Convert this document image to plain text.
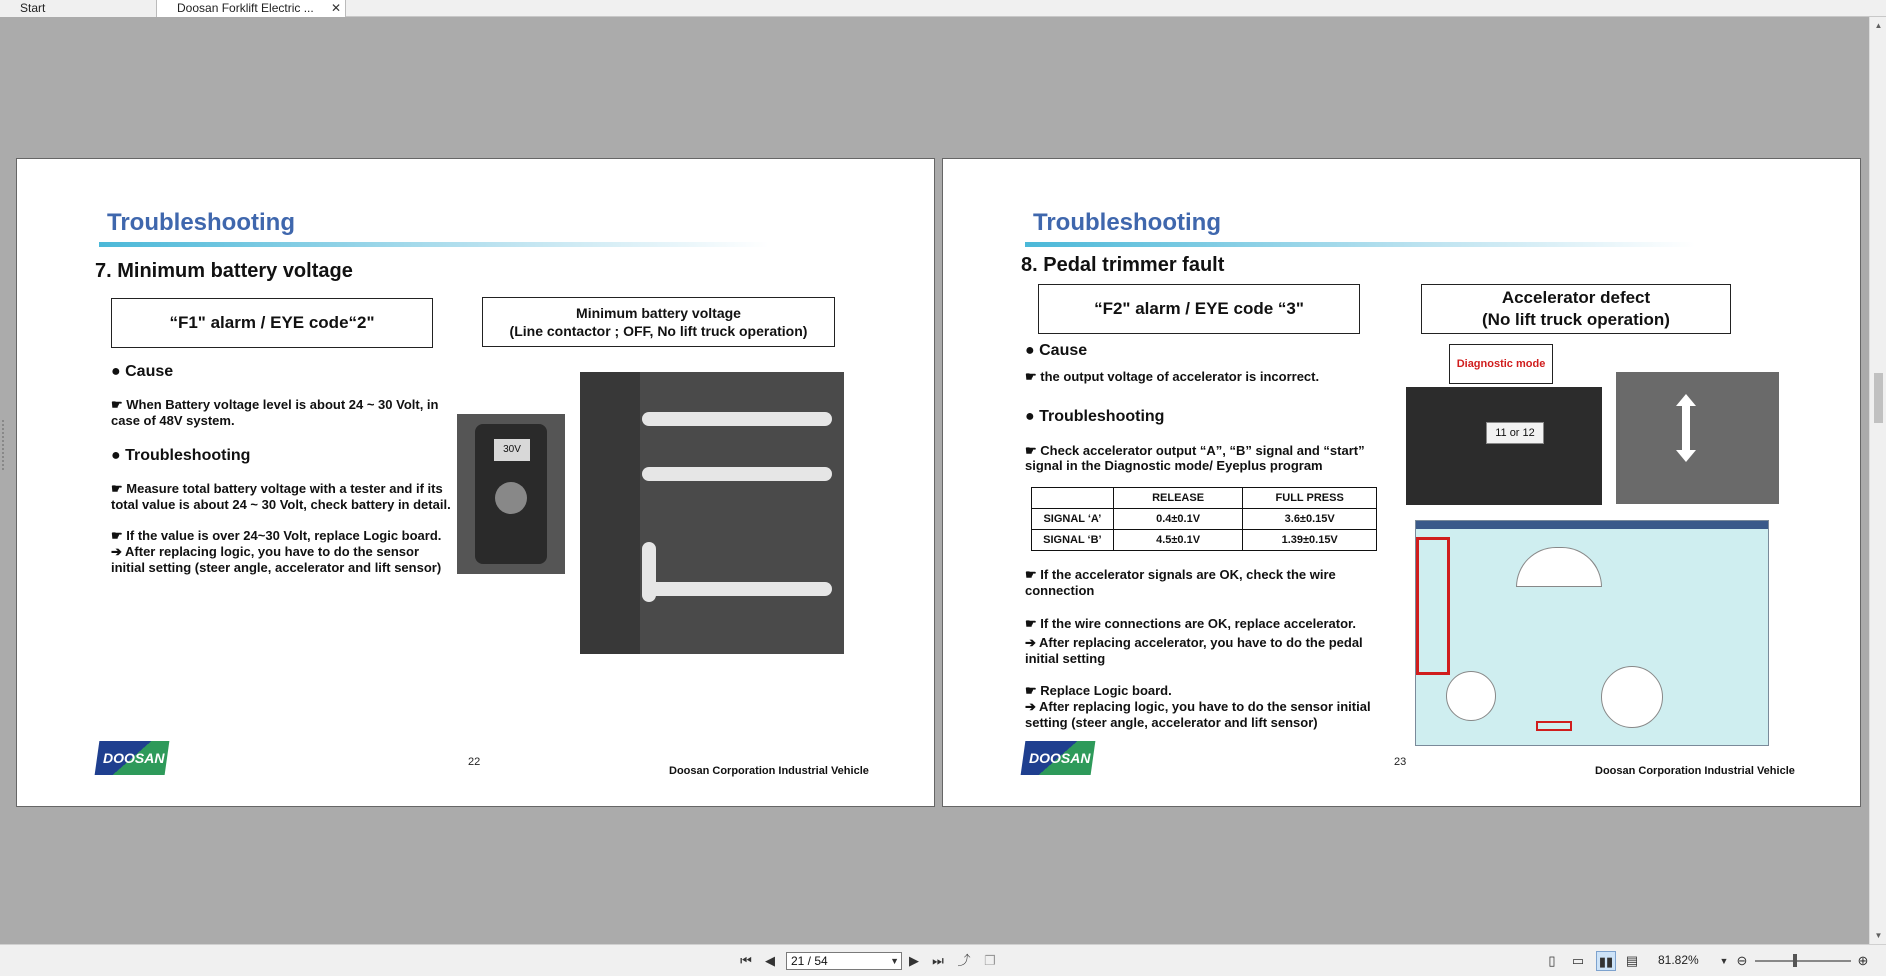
Start	Doosan Forklift Electric ... ✕
▲
▼
Troubleshooting
7. Minimum battery voltage
“F1" alarm / EYE code“2"	Minimum battery voltage
(Line contactor ; OFF, No lift truck operation)
● Cause
☛ When Battery voltage level is about 24 ~ 30 Volt, in
case of 48V system.
● Troubleshooting
☛ Measure total battery voltage with a tester and if its
total value is about 24 ~ 30 Volt, check battery in detail.
☛ If the value is over 24~30 Volt, replace Logic board.
➔ After replacing logic, you have to do the sensor
initial setting (steer angle, accelerator and lift sensor)
30V
DOOSAN	22
Doosan Corporation Industrial Vehicle
Troubleshooting
8. Pedal trimmer fault
“F2" alarm / EYE code “3"
Accelerator defect
(No lift truck operation)
Diagnostic mode
● Cause
☛ the output voltage of accelerator is incorrect.
● Troubleshooting
☛ Check accelerator output “A”, “B” signal and “start”
signal in the Diagnostic mode/ Eyeplus program
	RELEASE	FULL PRESS
SIGNAL ‘A’	0.4±0.1V	3.6±0.15V
SIGNAL ‘B’	4.5±0.1V	1.39±0.15V
☛ If the accelerator signals are OK, check the wire
connection
☛ If the wire connections are OK, replace accelerator.
➔ After replacing accelerator, you have to do the pedal
initial setting
☛ Replace Logic board.
➔ After replacing logic, you have to do the sensor initial
setting (steer angle, accelerator and lift sensor)
11 or 12
DOOSAN	23
Doosan Corporation Industrial Vehicle
⏮ ◀	21 / 54	▼ ▶ ⏭ ⤴	❐	▯	▭ ▮▮ ▤ 81.82% ▼ ⊖	⊕
